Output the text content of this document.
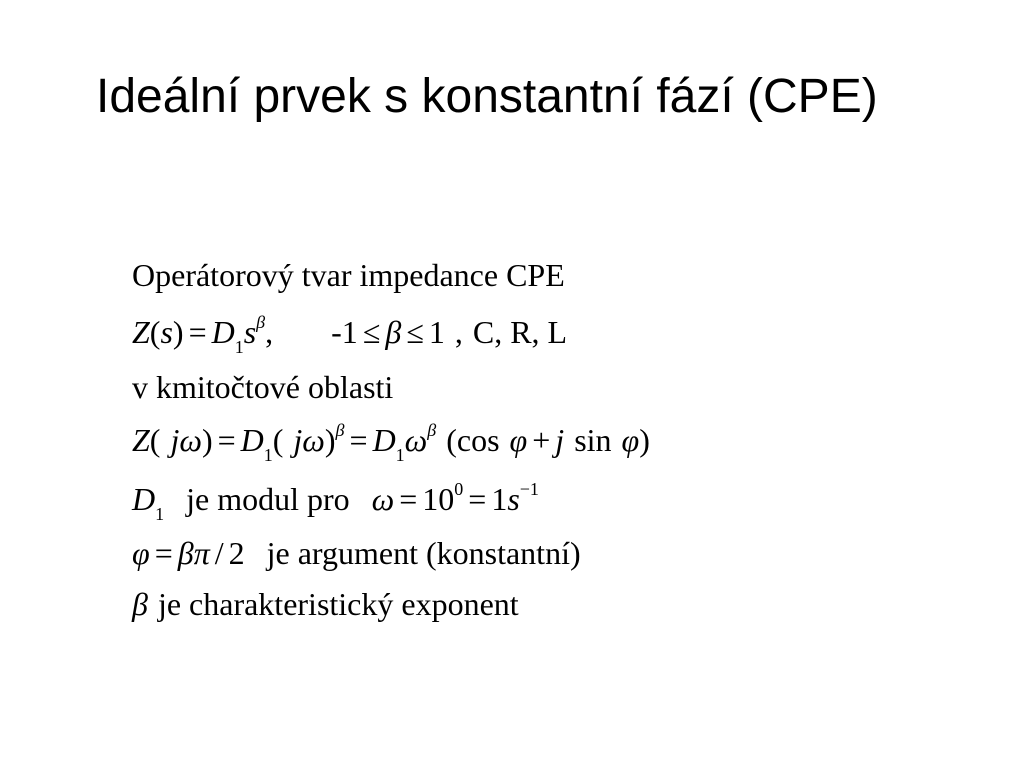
Ideální prvek s konstantní fází (CPE)
Operátorový tvar impedance CPE
$Z(s) = D_1s^\beta$, -1 ≤ β ≤ 1 , C, R, L
v kmitočtové oblasti
Z( $j\omega) = D_1$( $j\omega)^\beta = D_1\omega^\beta$ (cos φ + j sin φ)
$D_1$ je modul pro $\omega = 10^0 = 1s^{-1}$
φ = βπ / 2 je argument (konstantní)
β je charakteristický exponent
